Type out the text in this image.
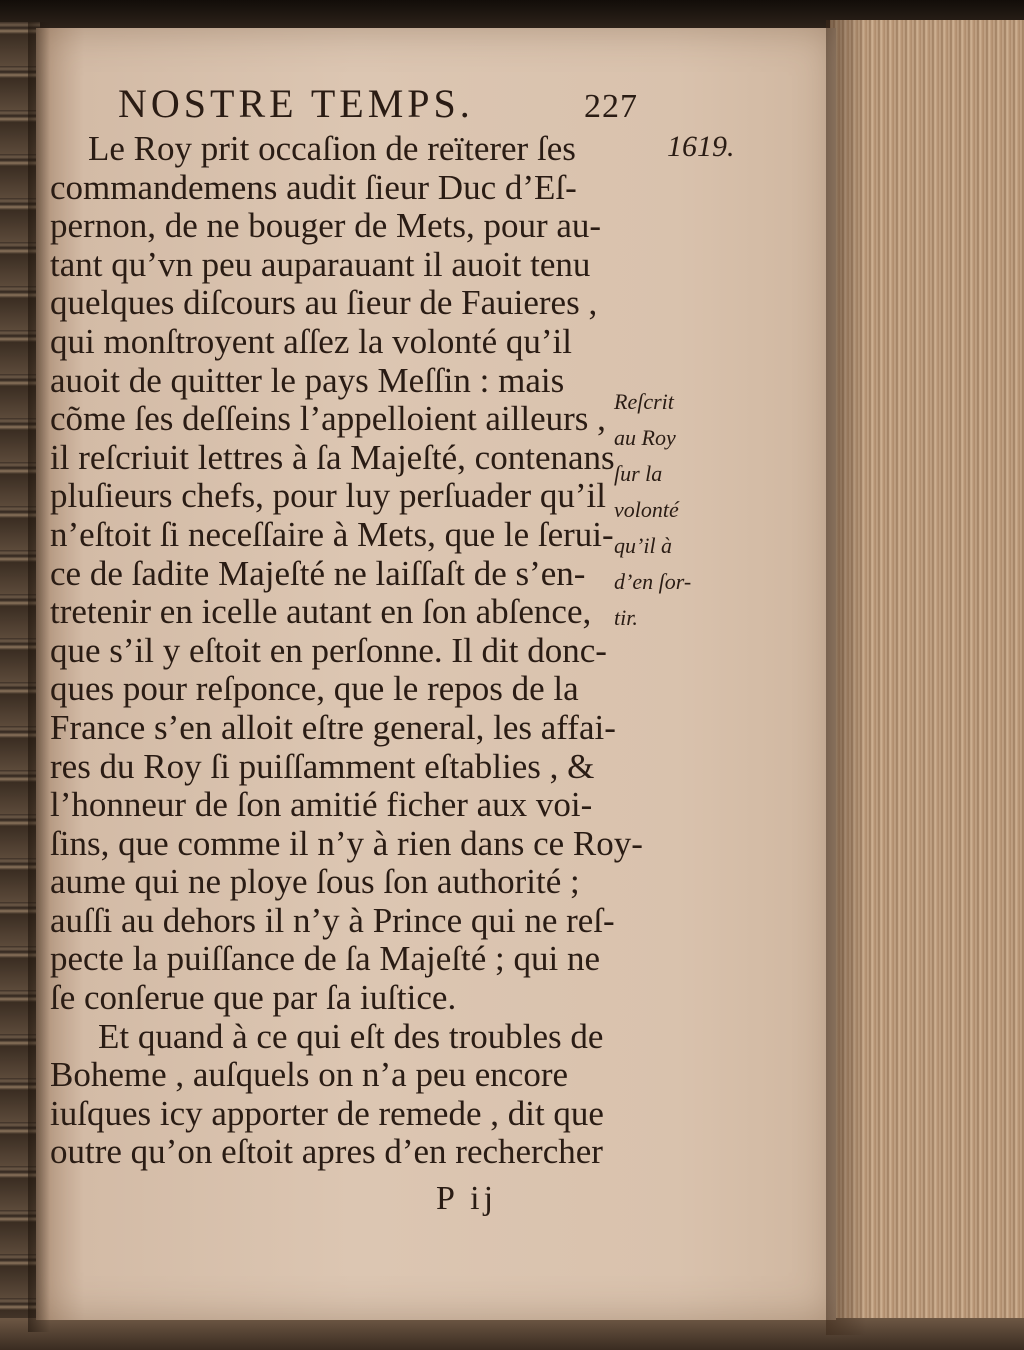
NOSTRE TEMPS.	227
1619.
Le Roy prit occaſion de reïterer ſes
commandemens audit ſieur Duc d’Eſ-
pernon, de ne bouger de Mets, pour au-
tant qu’vn peu auparauant il auoit tenu
quelques diſcours au ſieur de Fauieres ,
qui monſtroyent aſſez la volonté qu’il
auoit de quitter le pays Meſſin : mais
cõme ſes deſſeins l’appelloient ailleurs ,
il reſcriuit lettres à ſa Majeſté, contenans
pluſieurs chefs, pour luy perſuader qu’il
n’eſtoit ſi neceſſaire à Mets, que le ſerui-
ce de ſadite Majeſté ne laiſſaſt de s’en-
tretenir en icelle autant en ſon abſence,
que s’il y eſtoit en perſonne. Il dit donc-
ques pour reſponce, que le repos de la
France s’en alloit eſtre general, les affai-
res du Roy ſi puiſſamment eſtablies , &
l’honneur de ſon amitié ficher aux voi-
ſins, que comme il n’y à rien dans ce Roy-
aume qui ne ploye ſous ſon authorité ;
auſſi au dehors il n’y à Prince qui ne reſ-
pecte la puiſſance de ſa Majeſté ; qui ne
ſe conſerue que par ſa iuſtice.
Et quand à ce qui eſt des troubles de
Boheme , auſquels on n’a peu encore
iuſques icy apporter de remede , dit que
outre qu’on eſtoit apres d’en rechercher
Reſcrit
au Roy
ſur la
volonté
qu’il à
d’en ſor-
tir.
P ij
